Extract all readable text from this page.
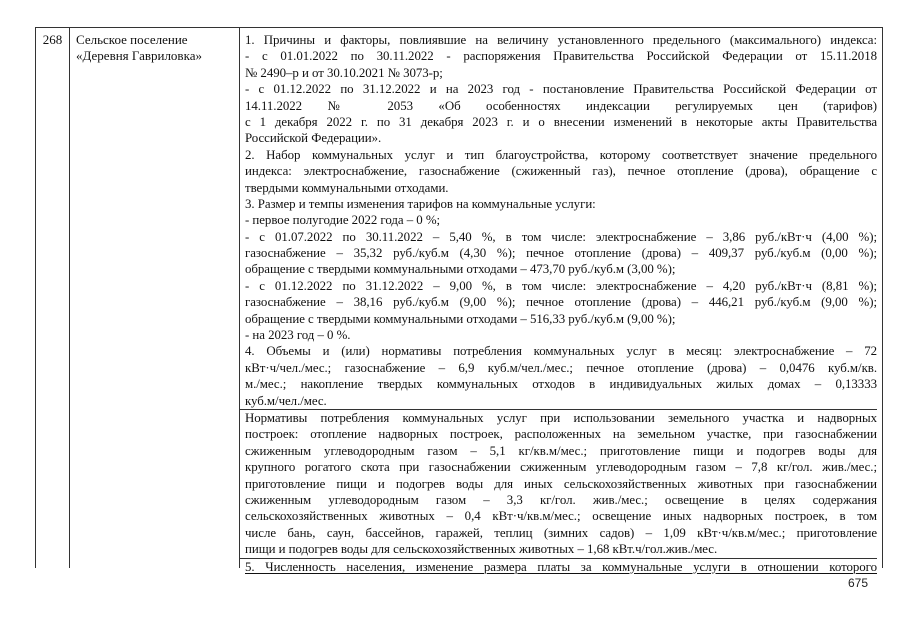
268	Сельское поселение
«Деревня Гавриловка»
1. Причины и факторы, повлиявшие на величину установленного предельного (максимального) индекса:
- с 01.01.2022 по 30.11.2022 - распоряжения Правительства Российской Федерации от 15.11.2018
№ 2490–р и от 30.10.2021 № 3073-р;
- с 01.12.2022 по 31.12.2022 и на 2023 год - постановление Правительства Российской Федерации от
14.11.2022 № 2053 «Об особенностях индексации регулируемых цен (тарифов)
с 1 декабря 2022 г. по 31 декабря 2023 г. и о внесении изменений в некоторые акты Правительства
Российской Федерации».
2. Набор коммунальных услуг и тип благоустройства, которому соответствует значение предельного
индекса: электроснабжение, газоснабжение (сжиженный газ), печное отопление (дрова), обращение с
твердыми коммунальными отходами.
3. Размер и темпы изменения тарифов на коммунальные услуги:
- первое полугодие 2022 года – 0 %;
- с 01.07.2022 по 30.11.2022 – 5,40 %, в том числе: электроснабжение – 3,86 руб./кВт·ч (4,00 %);
газоснабжение – 35,32 руб./куб.м (4,30 %); печное отопление (дрова) – 409,37 руб./куб.м (0,00 %);
обращение с твердыми коммунальными отходами – 473,70 руб./куб.м (3,00 %);
- с 01.12.2022 по 31.12.2022 – 9,00 %, в том числе: электроснабжение – 4,20 руб./кВт·ч (8,81 %);
газоснабжение – 38,16 руб./куб.м (9,00 %); печное отопление (дрова) – 446,21 руб./куб.м (9,00 %);
обращение с твердыми коммунальными отходами – 516,33 руб./куб.м (9,00 %);
- на 2023 год – 0 %.
4. Объемы и (или) нормативы потребления коммунальных услуг в месяц: электроснабжение – 72
кВт·ч/чел./мес.; газоснабжение – 6,9 куб.м/чел./мес.; печное отопление (дрова) – 0,0476 куб.м/кв.
м./мес.; накопление твердых коммунальных отходов в индивидуальных жилых домах – 0,13333
куб.м/чел./мес.
Нормативы потребления коммунальных услуг при использовании земельного участка и надворных
построек: отопление надворных построек, расположенных на земельном участке, при газоснабжении
сжиженным углеводородным газом – 5,1 кг/кв.м/мес.; приготовление пищи и подогрев воды для
крупного рогатого скота при газоснабжении сжиженным углеводородным газом – 7,8 кг/гол. жив./мес.;
приготовление пищи и подогрев воды для иных сельскохозяйственных животных при газоснабжении
сжиженным углеводородным газом – 3,3 кг/гол. жив./мес.; освещение в целях содержания
сельскохозяйственных животных – 0,4 кВт·ч/кв.м/мес.; освещение иных надворных построек, в том
числе бань, саун, бассейнов, гаражей, теплиц (зимних садов) – 1,09 кВт·ч/кв.м/мес.; приготовление
пищи и подогрев воды для сельскохозяйственных животных – 1,68 кВт.ч/гол.жив./мес.
5. Численность населения, изменение размера платы за коммунальные услуги в отношении которого
675
